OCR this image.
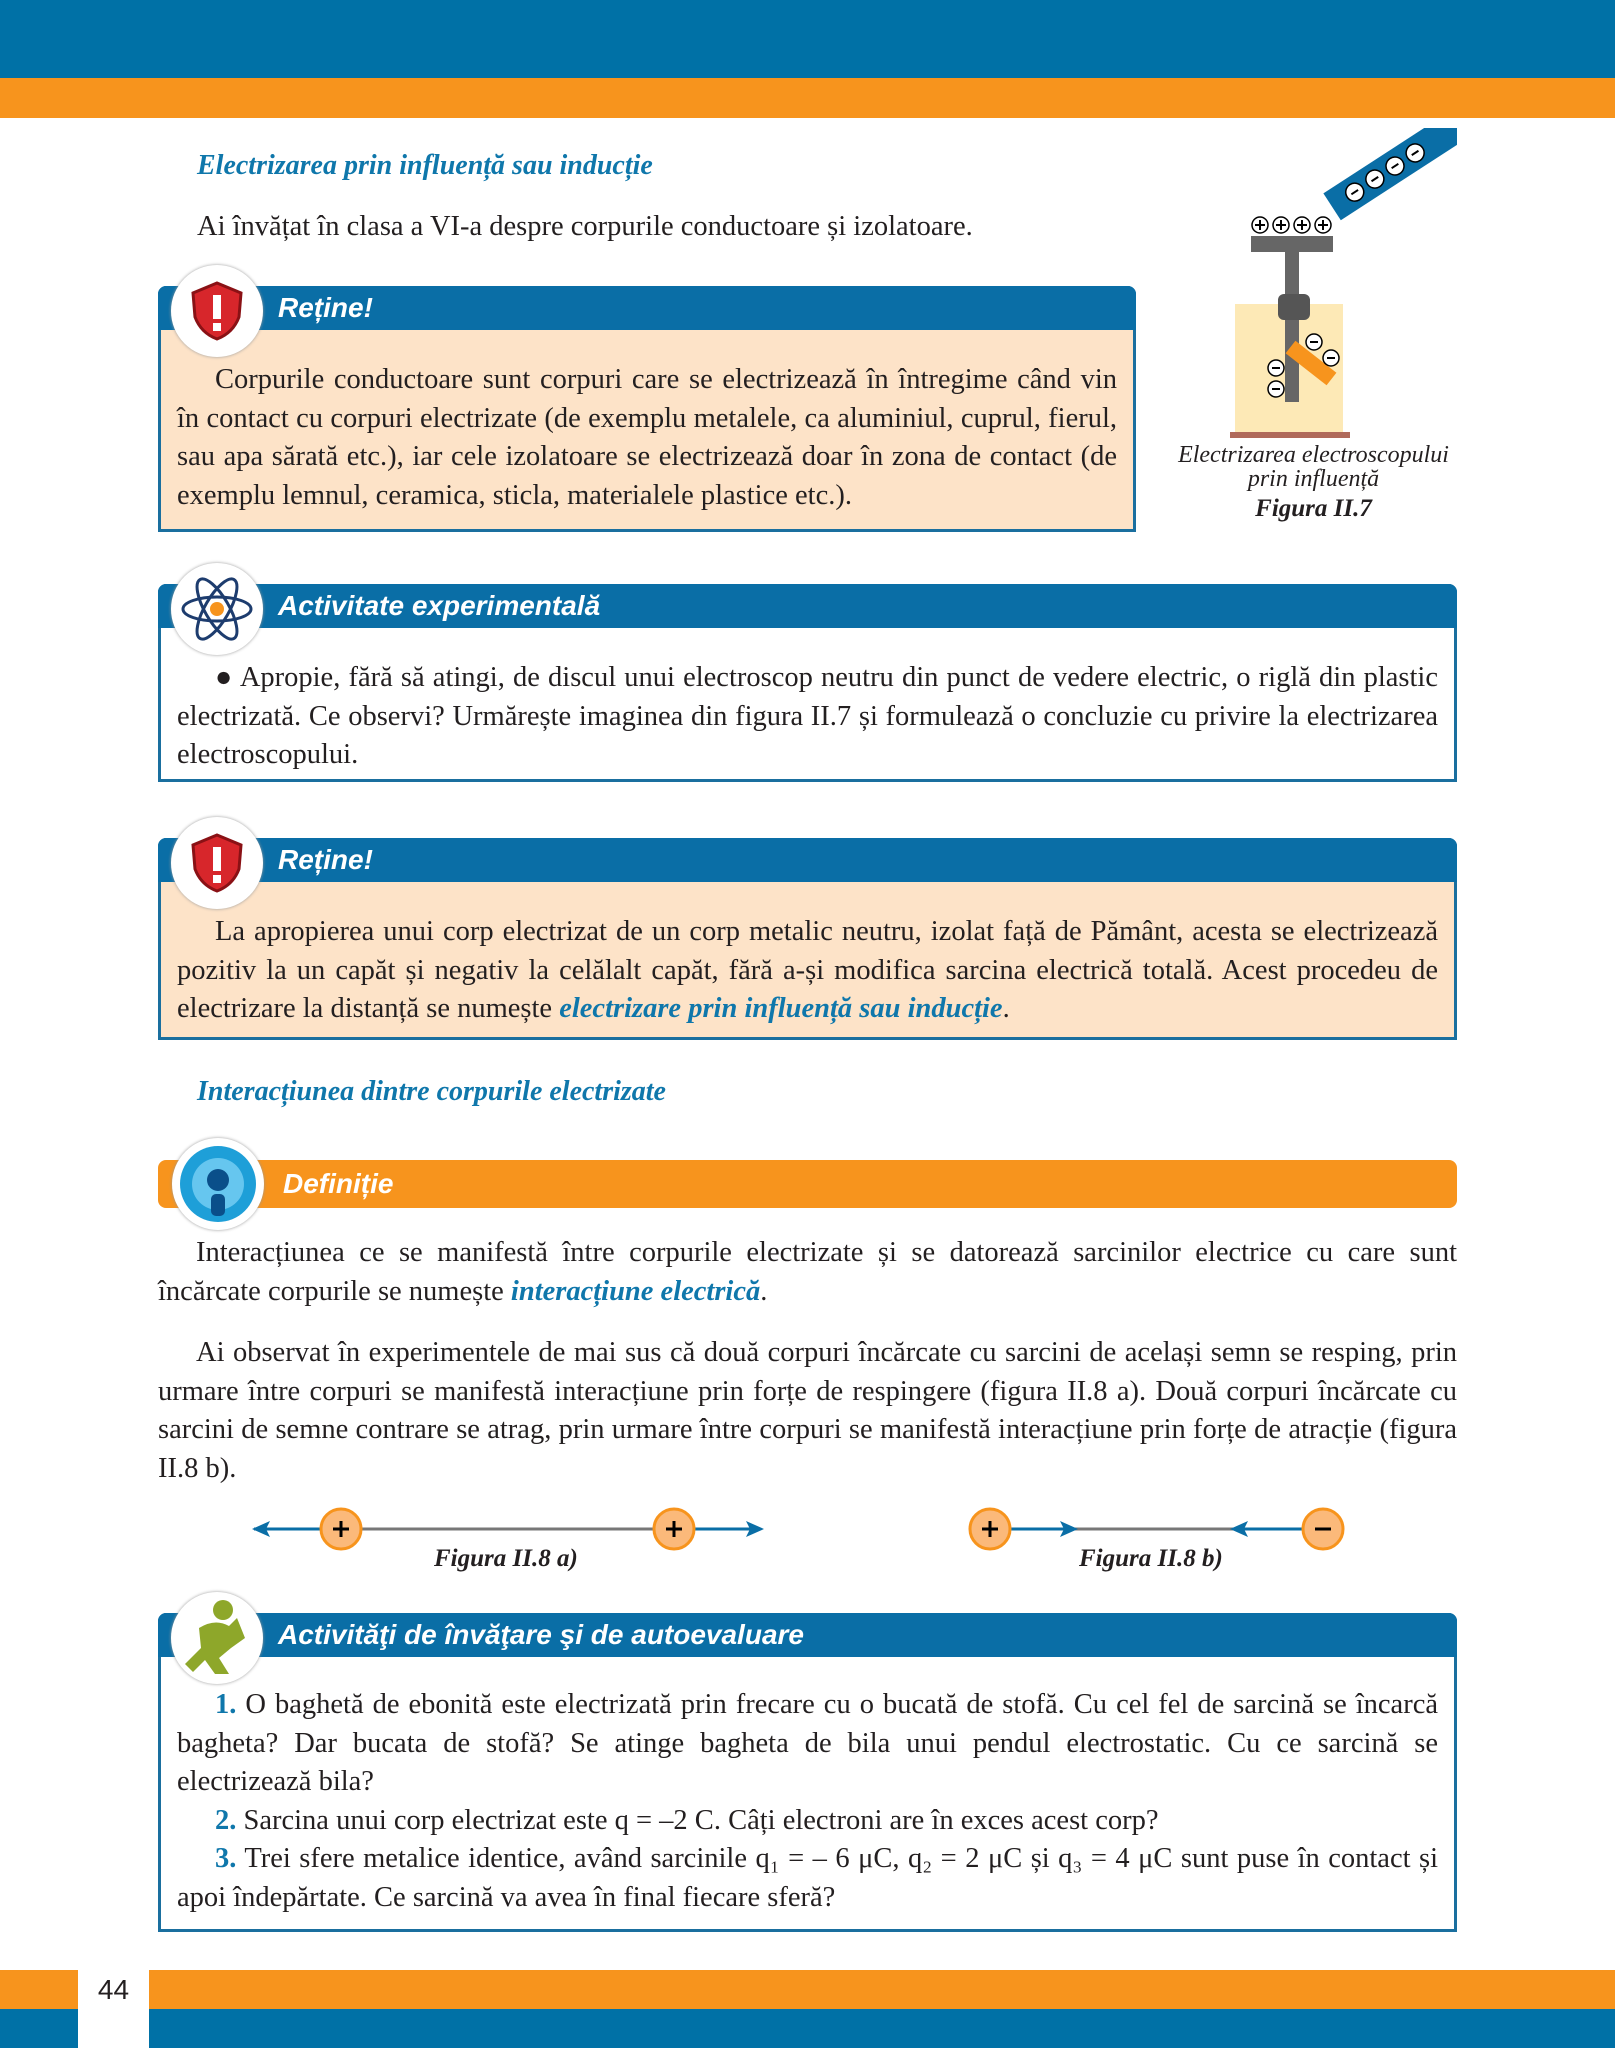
Electrizarea prin influență sau inducție
Ai învățat în clasa a VI-a despre corpurile conductoare și izolatoare.
Reține!
Corpurile conductoare sunt corpuri care se electrizează în întregime când vin în contact cu corpuri electrizate (de exemplu metalele, ca aluminiul, cuprul, fierul, sau apa sărată etc.), iar cele izolatoare se electrizează doar în zona de contact (de exemplu lemnul, ceramica, sticla, materialele plastice etc.).
Electrizarea electroscopului prin influență
Figura II.7
Activitate experimentală
● Apropie, fără să atingi, de discul unui electroscop neutru din punct de vedere electric, o riglă din plastic electrizată. Ce observi? Urmărește imaginea din figura II.7 și formulează o concluzie cu privire la electrizarea electroscopului.
Reține!
La apropierea unui corp electrizat de un corp metalic neutru, izolat față de Pământ, acesta se electrizează pozitiv la un capăt și negativ la celălalt capăt, fără a-și modifica sarcina electrică totală. Acest procedeu de electrizare la distanță se numește electrizare prin influență sau inducție.
Interacțiunea dintre corpurile electrizate
Definiție
Interacțiunea ce se manifestă între corpurile electrizate și se datorează sarcinilor electrice cu care sunt încărcate corpurile se numește interacțiune electrică.
Ai observat în experimentele de mai sus că două corpuri încărcate cu sarcini de același semn se resping, prin urmare între corpuri se manifestă interacțiune prin forțe de respingere (figura II.8 a). Două corpuri încărcate cu sarcini de semne contrare se atrag, prin urmare între corpuri se manifestă interacțiune prin forțe de atracție (figura II.8 b).
Figura II.8 a)	Figura II.8 b)
Activităţi de învăţare şi de autoevaluare
1. O baghetă de ebonită este electrizată prin frecare cu o bucată de stofă. Cu cel fel de sarcină se încarcă bagheta? Dar bucata de stofă? Se atinge bagheta de bila unui pendul electrostatic. Cu ce sarcină se electrizează bila?
2. Sarcina unui corp electrizat este q = –2 C. Câți electroni are în exces acest corp?
3. Trei sfere metalice identice, având sarcinile q₁ = – 6 μC, q₂ = 2 μC și q₃ = 4 μC sunt puse în contact și apoi îndepărtate. Ce sarcină va avea în final fiecare sferă?
44
